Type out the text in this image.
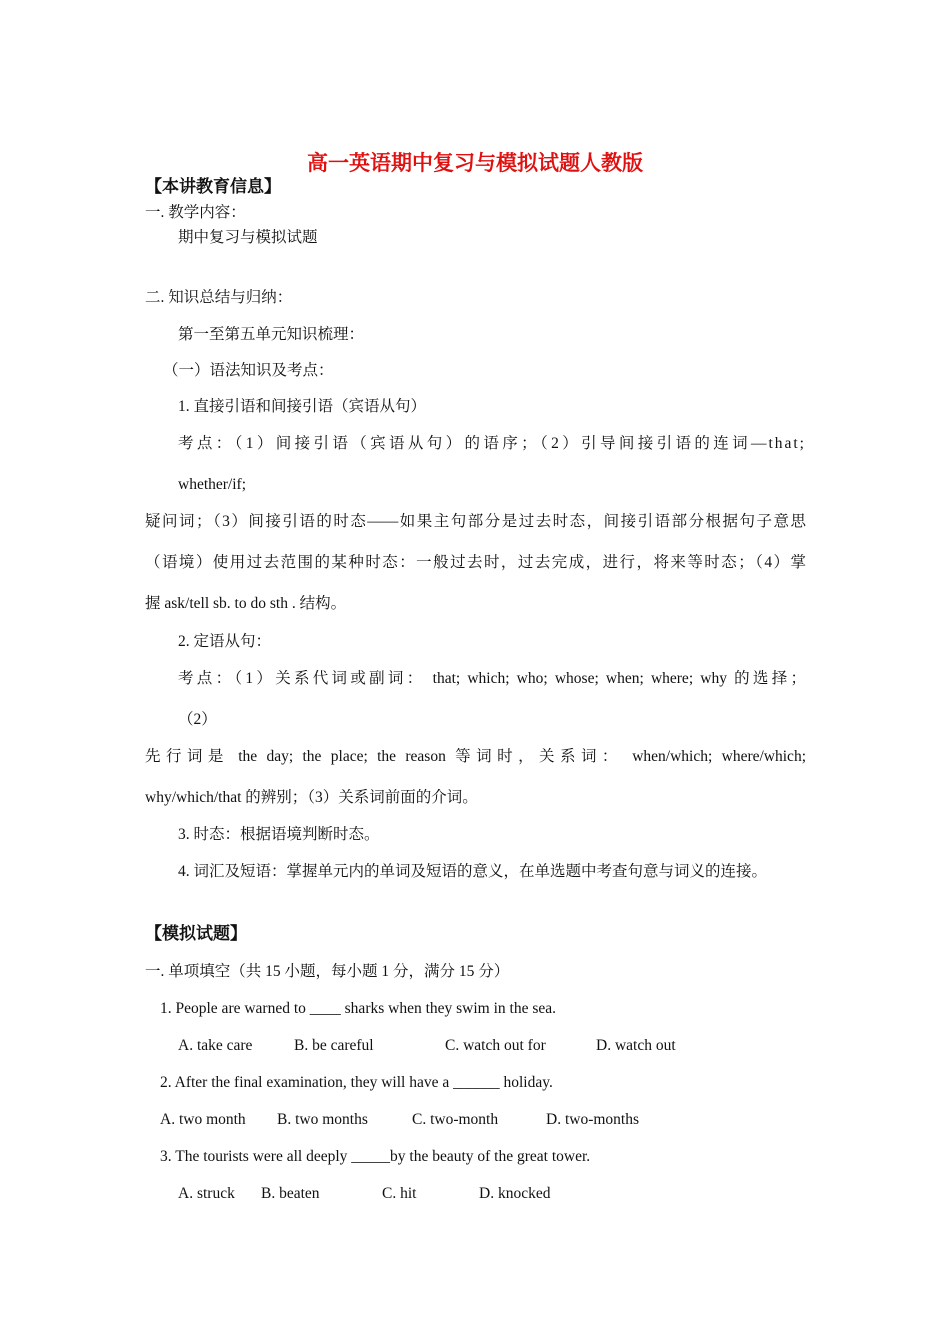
高一英语期中复习与模拟试题人教版
【本讲教育信息】
一. 教学内容：
期中复习与模拟试题
二. 知识总结与归纳：
第一至第五单元知识梳理：
（一）语法知识及考点：
1. 直接引语和间接引语（宾语从句）
考点：（1）间接引语（宾语从句）的语序；（2）引导间接引语的连词—that;
whether/if;
疑问词；（3）间接引语的时态——如果主句部分是过去时态，间接引语部分根据句子意思
（语境）使用过去范围的某种时态：一般过去时，过去完成，进行，将来等时态；（4）掌
握 ask/tell sb. to do sth . 结构。
2. 定语从句：
考点：（1）关系代词或副词： that; which; who; whose; when; where; why 的选择；
（2）
先行词是 the day; the place; the reason 等词时，关系词： when/which; where/which;
why/which/that 的辨别；（3）关系词前面的介词。
3. 时态：根据语境判断时态。
4. 词汇及短语：掌握单元内的单词及短语的意义，在单选题中考查句意与词义的连接。
【模拟试题】
一. 单项填空（共 15 小题，每小题 1 分，满分 15 分）
1. People are warned to ____ sharks when they swim in the sea.
A. take care	B. be careful	C. watch out for	D. watch out
2. After the final examination, they will have a ______ holiday.
A. two month B. two months	C. two-month	D. two-months
3. The tourists were all deeply _____by the beauty of the great tower.
A. struck B. beaten	C. hit	D. knocked
